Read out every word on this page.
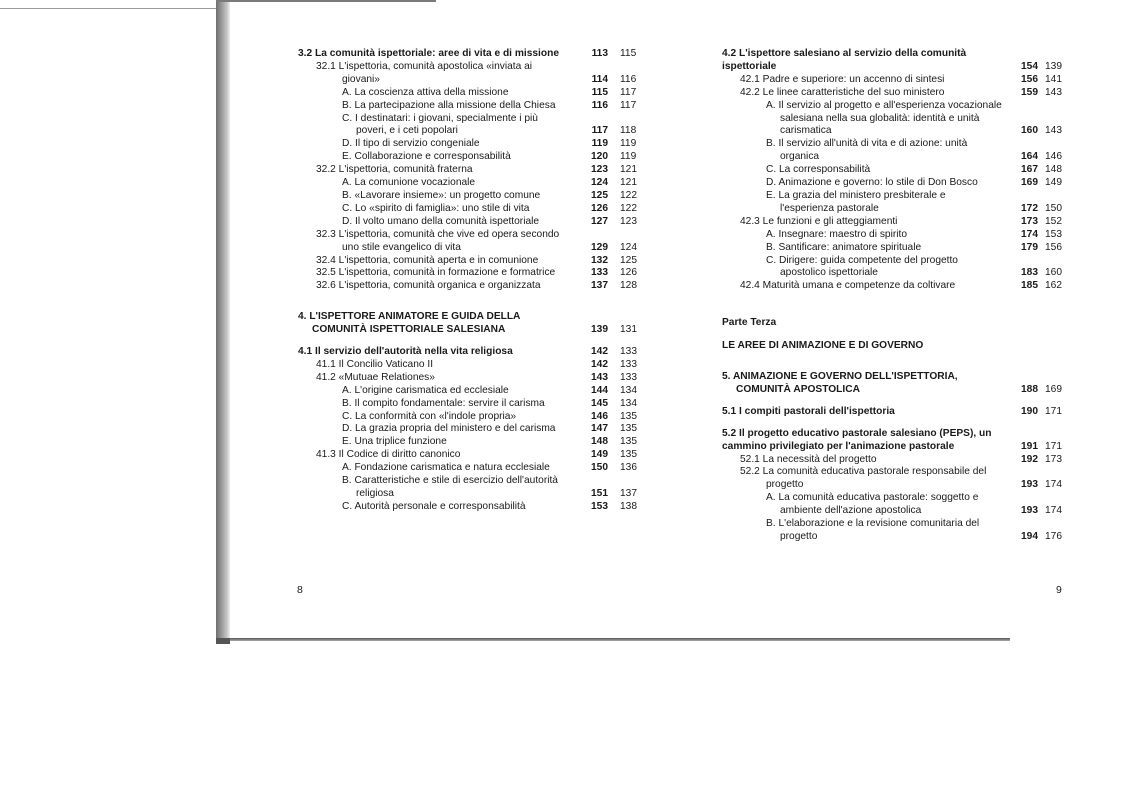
3.2 La comunità ispettoriale: aree di vita e di missione	113 115
32.1 L'ispettoria, comunità apostolica «inviata ai giovani»	114 116
A. La coscienza attiva della missione	115 117
B. La partecipazione alla missione della Chiesa	116 117
C. I destinatari: i giovani, specialmente i più poveri, e i ceti popolari	117 118
D. Il tipo di servizio congeniale	119 119
E. Collaborazione e corresponsabilità	120 119
32.2 L'ispettoria, comunità fraterna	123 121
A. La comunione vocazionale	124 121
B. «Lavorare insieme»: un progetto comune	125 122
C. Lo «spirito di famiglia»: uno stile di vita	126 122
D. Il volto umano della comunità ispettoriale	127 123
32.3 L'ispettoria, comunità che vive ed opera secondo uno stile evangelico di vita	129 124
32.4 L'ispettoria, comunità aperta e in comunione	132 125
32.5 L'ispettoria, comunità in formazione e formatrice	133 126
32.6 L'ispettoria, comunità organica e organizzata	137 128
4. L'ISPETTORE ANIMATORE E GUIDA DELLA COMUNITÀ ISPETTORIALE SALESIANA	139 131
4.1 Il servizio dell'autorità nella vita religiosa	142 133
41.1 Il Concilio Vaticano II	142 133
41.2 «Mutuae Relationes»	143 133
A. L'origine carismatica ed ecclesiale	144 134
B. Il compito fondamentale: servire il carisma	145 134
C. La conformità con «l'indole propria»	146 135
D. La grazia propria del ministero e del carisma	147 135
E. Una triplice funzione	148 135
41.3 Il Codice di diritto canonico	149 135
A. Fondazione carismatica e natura ecclesiale	150 136
B. Caratteristiche e stile di esercizio dell'autorità religiosa	151 137
C. Autorità personale e corresponsabilità	153 138
8
4.2 L'ispettore salesiano al servizio della comunità ispettoriale	154 139
42.1 Padre e superiore: un accenno di sintesi	156 141
42.2 Le linee caratteristiche del suo ministero	159 143
A. Il servizio al progetto e all'esperienza vocazionale salesiana nella sua globalità: identità e unità carismatica	160 143
B. Il servizio all'unità di vita e di azione: unità organica	164 146
C. La corresponsabilità	167 148
D. Animazione e governo: lo stile di Don Bosco	169 149
E. La grazia del ministero presbiterale e l'esperienza pastorale	172 150
42.3 Le funzioni e gli atteggiamenti	173 152
A. Insegnare: maestro di spirito	174 153
B. Santificare: animatore spirituale	179 156
C. Dirigere: guida competente del progetto apostolico ispettoriale	183 160
42.4 Maturità umana e competenze da coltivare	185 162
Parte Terza
LE AREE DI ANIMAZIONE E DI GOVERNO
5. ANIMAZIONE E GOVERNO DELL'ISPETTORIA, COMUNITÀ APOSTOLICA	188 169
5.1 I compiti pastorali dell'ispettoria	190 171
5.2 Il progetto educativo pastorale salesiano (PEPS), un cammino privilegiato per l'animazione pastorale	191 171
52.1 La necessità del progetto	192 173
52.2 La comunità educativa pastorale responsabile del progetto	193 174
A. La comunità educativa pastorale: soggetto e ambiente dell'azione apostolica	193 174
B. L'elaborazione e la revisione comunitaria del progetto	194 176
9
